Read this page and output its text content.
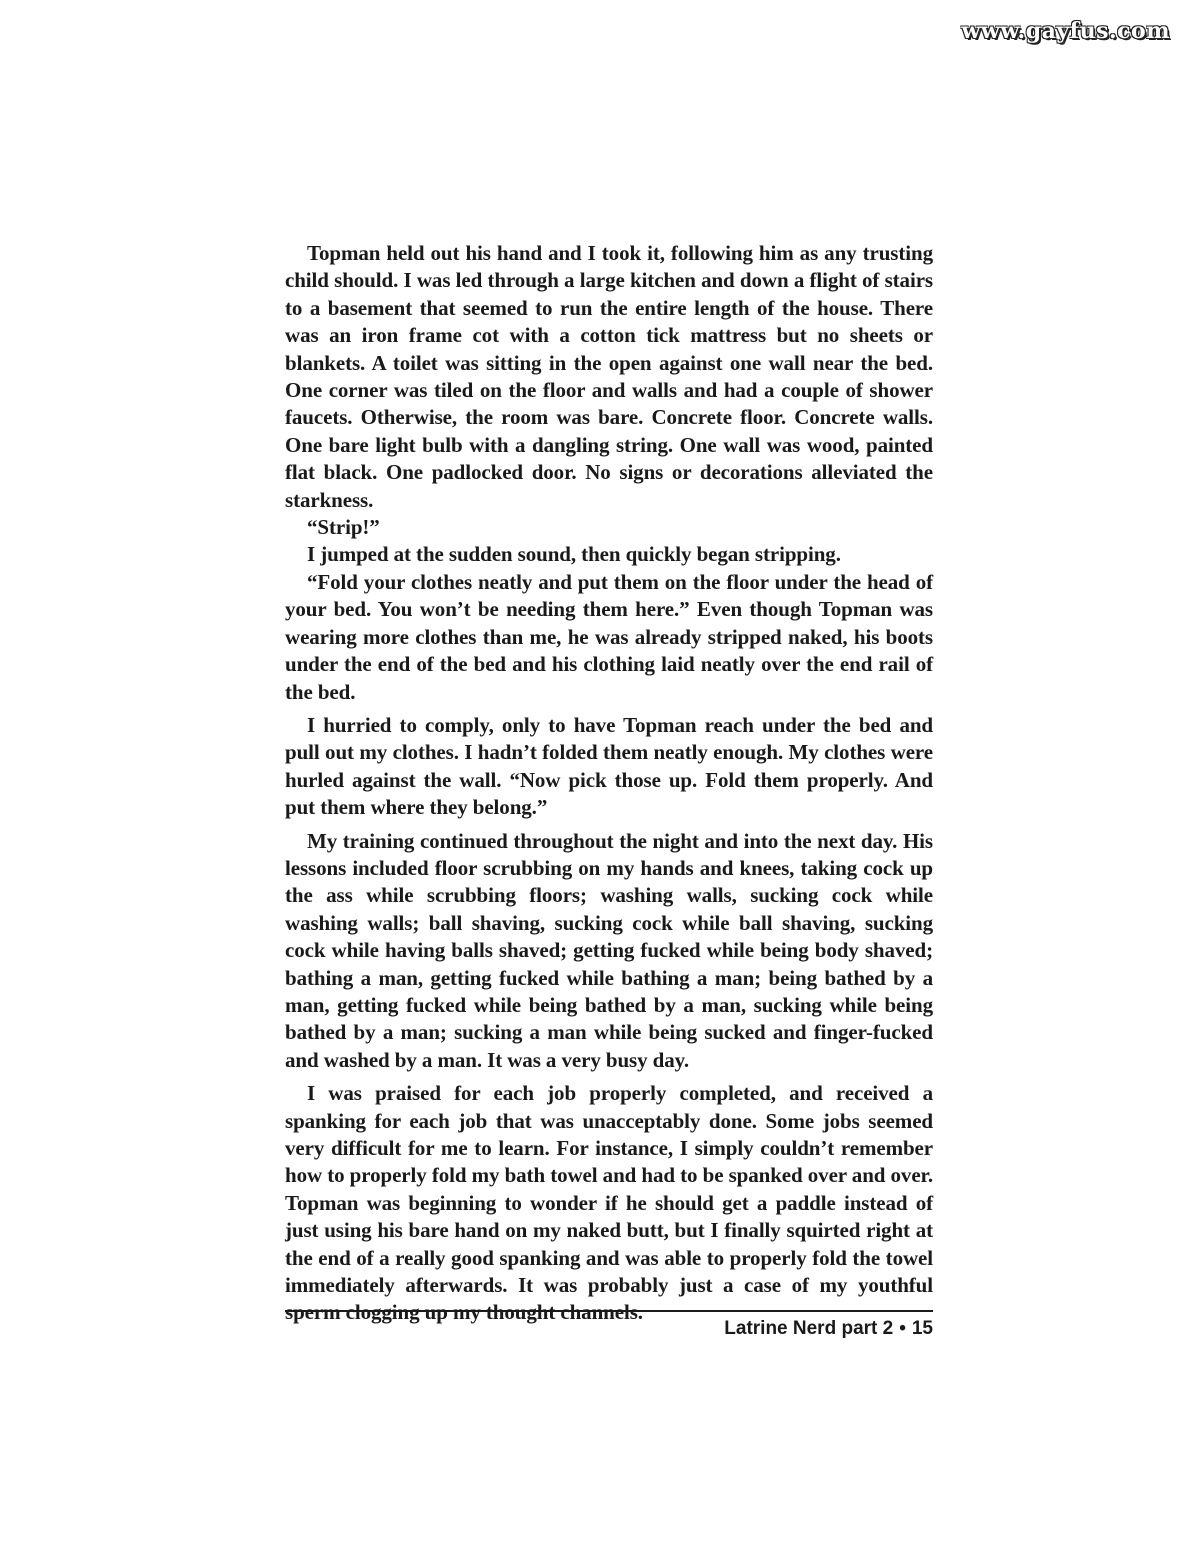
www.gayfus.com

Topman held out his hand and I took it, following him as any trusting child should. I was led through a large kitchen and down a flight of stairs to a basement that seemed to run the entire length of the house. There was an iron frame cot with a cotton tick mattress but no sheets or blankets. A toilet was sitting in the open against one wall near the bed. One corner was tiled on the floor and walls and had a couple of shower faucets. Otherwise, the room was bare. Concrete floor. Concrete walls. One bare light bulb with a dangling string. One wall was wood, painted flat black. One padlocked door. No signs or decorations alleviated the starkness.

“Strip!”

I jumped at the sudden sound, then quickly began stripping.

“Fold your clothes neatly and put them on the floor under the head of your bed. You won’t be needing them here.” Even though Topman was wearing more clothes than me, he was already stripped naked, his boots under the end of the bed and his clothing laid neatly over the end rail of the bed.

I hurried to comply, only to have Topman reach under the bed and pull out my clothes. I hadn’t folded them neatly enough. My clothes were hurled against the wall. “Now pick those up. Fold them properly. And put them where they belong.”

My training continued throughout the night and into the next day. His lessons included floor scrubbing on my hands and knees, taking cock up the ass while scrubbing floors; washing walls, sucking cock while washing walls; ball shaving, sucking cock while ball shaving, sucking cock while having balls shaved; getting fucked while being body shaved; bathing a man, getting fucked while bathing a man; being bathed by a man, getting fucked while being bathed by a man, sucking while being bathed by a man; sucking a man while being sucked and finger-fucked and washed by a man. It was a very busy day.

I was praised for each job properly completed, and received a spanking for each job that was unacceptably done. Some jobs seemed very difficult for me to learn. For instance, I simply couldn’t remember how to properly fold my bath towel and had to be spanked over and over. Topman was beginning to wonder if he should get a paddle instead of just using his bare hand on my naked butt, but I finally squirted right at the end of a really good spanking and was able to properly fold the towel immediately afterwards. It was probably just a case of my youthful sperm clogging up my thought channels.

Latrine Nerd part 2 • 15
